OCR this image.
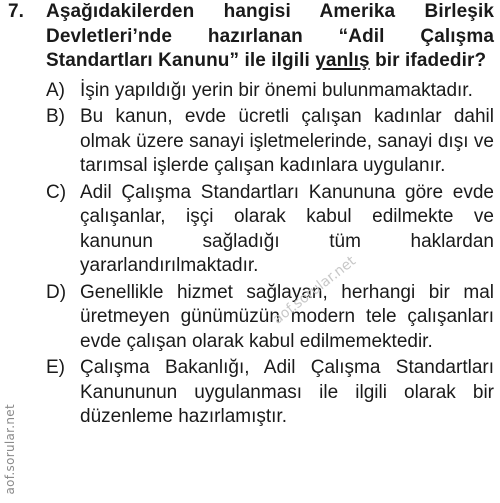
7.	Aşağıdakilerden hangisi Amerika Birleşik Devletleri’nde hazırlanan “Adil Çalışma Standartları Kanunu” ile ilgili yanlış bir ifadedir?
A) İşin yapıldığı yerin bir önemi bulunmamaktadır.
B) Bu kanun, evde ücretli çalışan kadınlar dahil olmak üzere sanayi işletmelerinde, sanayi dışı ve tarımsal işlerde çalışan kadınlara uygulanır.
C) Adil Çalışma Standartları Kanununa göre evde çalışanlar, işçi olarak kabul edilmekte ve kanunun sağladığı tüm haklardan yararlandırılmaktadır.
D) Genellikle hizmet sağlayan, herhangi bir mal üretmeyen günümüzün modern tele çalışanları evde çalışan olarak kabul edilmemektedir.
E) Çalışma Bakanlığı, Adil Çalışma Standartları Kanununun uygulanması ile ilgili olarak bir düzenleme hazırlamıştır.
aof.sorular.net
aof.sorular.net
